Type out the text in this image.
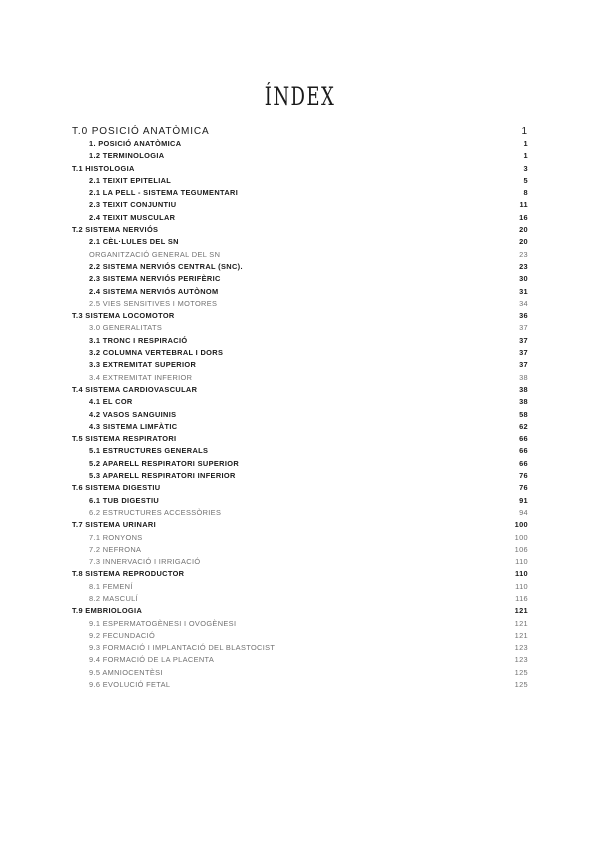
ÍNDEX
T.0 POSICIÓ ANATÒMICA	1
1. POSICIÓ ANATÒMICA	1
1.2 TERMINOLOGIA	1
T.1 HISTOLOGIA	3
2.1 TEIXIT EPITELIAL	5
2.1 LA PELL - SISTEMA TEGUMENTARI	8
2.3 TEIXIT CONJUNTIU	11
2.4 TEIXIT MUSCULAR	16
T.2 SISTEMA NERVIÓS	20
2.1 CÈL·LULES DEL SN	20
ORGANITZACIÓ GENERAL DEL SN	23
2.2 SISTEMA NERVIÓS CENTRAL (SNC).	23
2.3 SISTEMA NERVIÓS PERIFÈRIC	30
2.4 SISTEMA NERVIÓS AUTÒNOM	31
2.5 VIES SENSITIVES I MOTORES	34
T.3 SISTEMA LOCOMOTOR	36
3.0 GENERALITATS	37
3.1 TRONC I RESPIRACIÓ	37
3.2 COLUMNA VERTEBRAL I DORS	37
3.3 EXTREMITAT SUPERIOR	37
3.4 EXTREMITAT INFERIOR	38
T.4 SISTEMA CARDIOVASCULAR	38
4.1 EL COR	38
4.2 VASOS SANGUINIS	58
4.3 SISTEMA LIMFÀTIC	62
T.5 SISTEMA RESPIRATORI	66
5.1 ESTRUCTURES GENERALS	66
5.2 APARELL RESPIRATORI SUPERIOR	66
5.3 APARELL RESPIRATORI INFERIOR	76
T.6 SISTEMA DIGESTIU	76
6.1 TUB DIGESTIU	91
6.2 ESTRUCTURES ACCESSÒRIES	94
T.7 SISTEMA URINARI	100
7.1 RONYONS	100
7.2 NEFRONA	106
7.3 INNERVACIÓ I IRRIGACIÓ	110
T.8 SISTEMA REPRODUCTOR	110
8.1 FEMENÍ	110
8.2 MASCULÍ	116
T.9 EMBRIOLOGIA	121
9.1 ESPERMATOGÈNESI I OVOGÈNESI	121
9.2 FECUNDACIÓ	121
9.3 FORMACIÓ I IMPLANTACIÓ DEL BLASTOCIST	123
9.4 FORMACIÓ DE LA PLACENTA	123
9.5 AMNIOCENTÈSI	125
9.6 EVOLUCIÓ FETAL	125
